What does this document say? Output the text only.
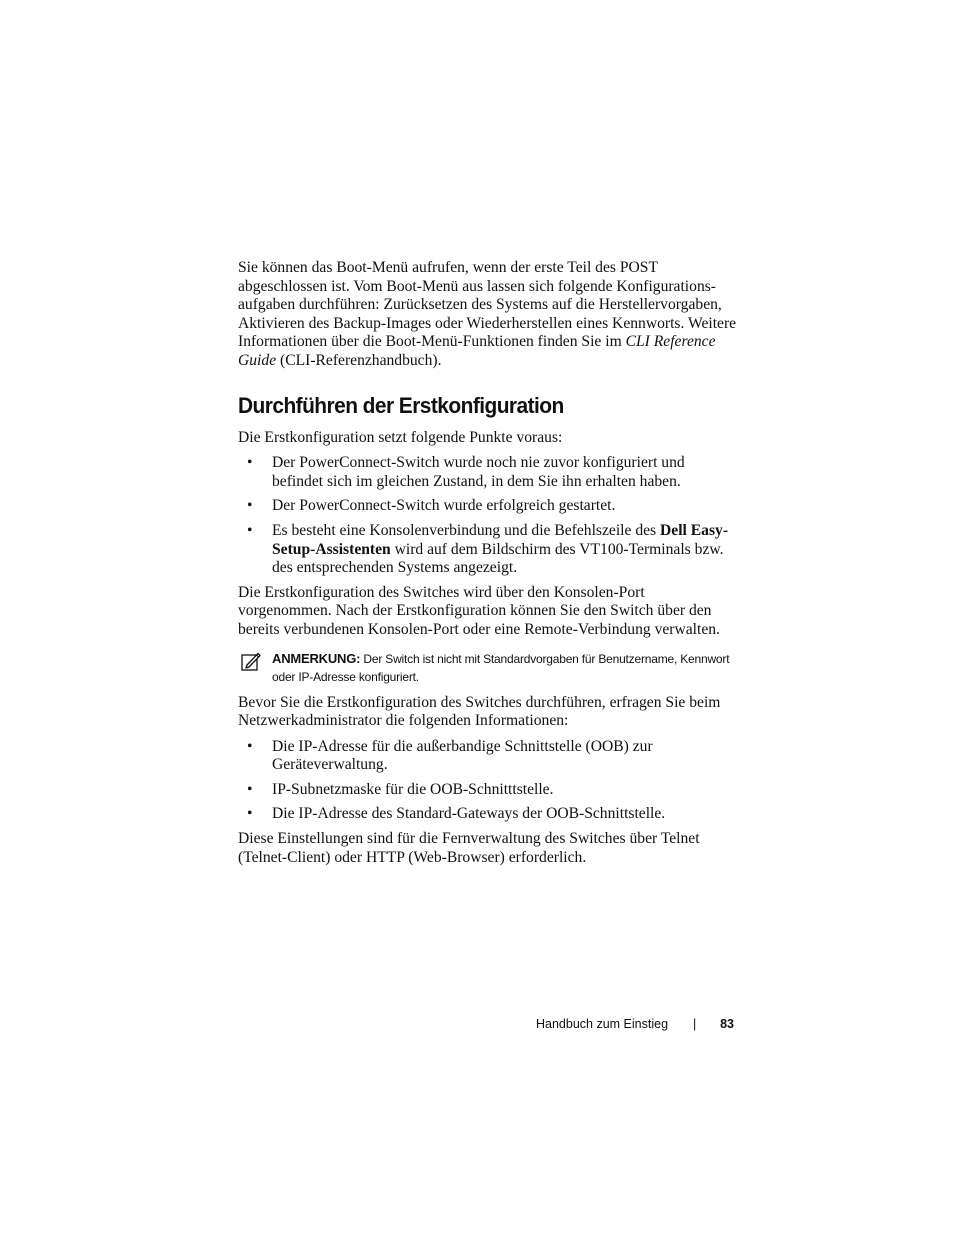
Sie können das Boot-Menü aufrufen, wenn der erste Teil des POST abgeschlossen ist. Vom Boot-Menü aus lassen sich folgende Konfigurations-aufgaben durchführen: Zurücksetzen des Systems auf die Herstellervorgaben, Aktivieren des Backup-Images oder Wiederherstellen eines Kennworts. Weitere Informationen über die Boot-Menü-Funktionen finden Sie im CLI Reference Guide (CLI-Referenzhandbuch).

Durchführen der Erstkonfiguration

Die Erstkonfiguration setzt folgende Punkte voraus:

• Der PowerConnect-Switch wurde noch nie zuvor konfiguriert und befindet sich im gleichen Zustand, in dem Sie ihn erhalten haben.
• Der PowerConnect-Switch wurde erfolgreich gestartet.
• Es besteht eine Konsolenverbindung und die Befehlszeile des Dell Easy-Setup-Assistenten wird auf dem Bildschirm des VT100-Terminals bzw. des entsprechenden Systems angezeigt.

Die Erstkonfiguration des Switches wird über den Konsolen-Port vorgenommen. Nach der Erstkonfiguration können Sie den Switch über den bereits verbundenen Konsolen-Port oder eine Remote-Verbindung verwalten.

ANMERKUNG: Der Switch ist nicht mit Standardvorgaben für Benutzername, Kennwort oder IP-Adresse konfiguriert.

Bevor Sie die Erstkonfiguration des Switches durchführen, erfragen Sie beim Netzwerkadministrator die folgenden Informationen:

• Die IP-Adresse für die außerbandige Schnittstelle (OOB) zur Geräteverwaltung.
• IP-Subnetzmaske für die OOB-Schnitttstelle.
• Die IP-Adresse des Standard-Gateways der OOB-Schnittstelle.

Diese Einstellungen sind für die Fernverwaltung des Switches über Telnet (Telnet-Client) oder HTTP (Web-Browser) erforderlich.

Handbuch zum Einstieg | 83
